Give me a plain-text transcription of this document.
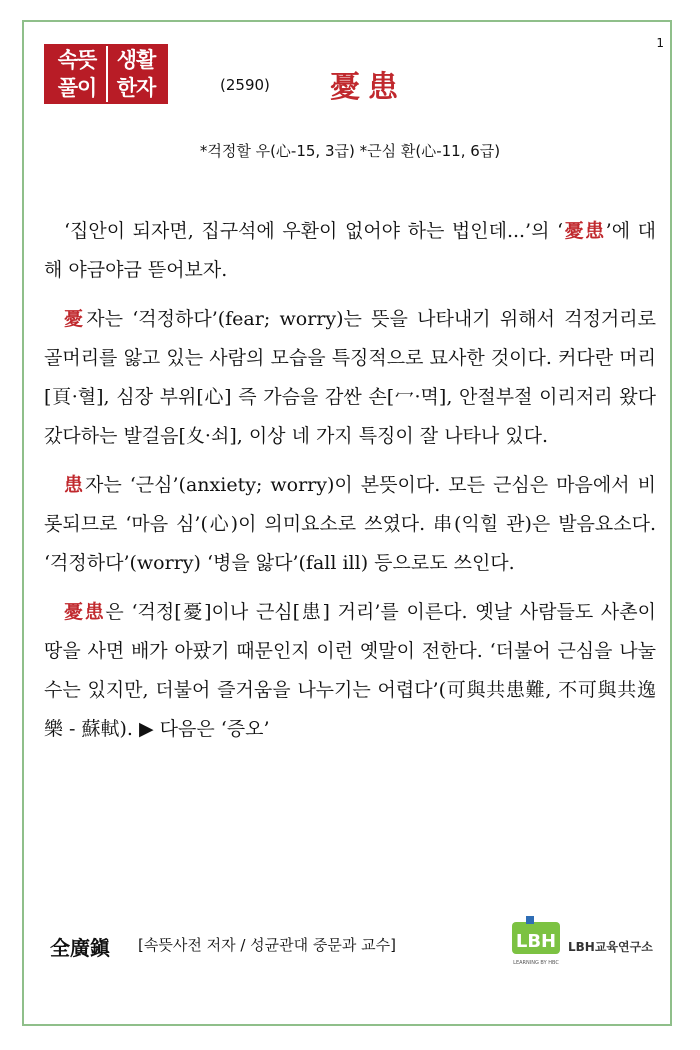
1
속뜻 생활
풀이 한자	(2590) 憂患
*걱정할 우(心-15, 3급) *근심 환(心-11, 6급)

‘집안이 되자면, 집구석에 우환이 없어야 하는 법인데...’의 ‘憂患’에 대해 야금야금 뜯어보자.

憂자는 ‘걱정하다’(fear; worry)는 뜻을 나타내기 위해서 걱정거리로 골머리를 앓고 있는 사람의 모습을 특징적으로 묘사한 것이다. 커다란 머리[頁·혈], 심장 부위[心] 즉 가슴을 감싼 손[冖·멱], 안절부절 이리저리 왔다갔다하는 발걸음[夊·쇠], 이상 네 가지 특징이 잘 나타나 있다.

患자는 ‘근심’(anxiety; worry)이 본뜻이다. 모든 근심은 마음에서 비롯되므로 ‘마음 심’(心)이 의미요소로 쓰였다. 串(익힐 관)은 발음요소다. ‘걱정하다’(worry) ‘병을 앓다’(fall ill) 등으로도 쓰인다.

憂患은 ‘걱정[憂]이나 근심[患] 거리’를 이른다. 옛날 사람들도 사촌이 땅을 사면 배가 아팠기 때문인지 이런 옛말이 전한다. ‘더불어 근심을 나눌 수는 있지만, 더불어 즐거움을 나누기는 어렵다’(可與共患難, 不可與共逸樂 - 蘇軾). ▶ 다음은 ‘증오’

全廣鎭 [속뜻사전 저자 / 성균관대 중문과 교수]	LBH
LEARNING BY HBC
LBH교육연구소
